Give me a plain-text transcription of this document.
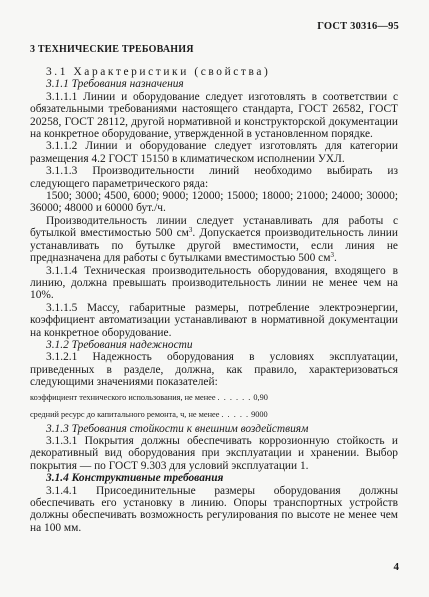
ГОСТ 30316—95
3 ТЕХНИЧЕСКИЕ ТРЕБОВАНИЯ

3.1 Характеристики (свойства)

3.1.1 Требования назначения

3.1.1.1 Линии и оборудование следует изготовлять в соответствии с обязательными требованиями настоящего стандарта, ГОСТ 26582, ГОСТ 20258, ГОСТ 28112, другой нормативной и конструкторской документации на конкретное оборудование, утвержденной в установленном порядке.

3.1.1.2 Линии и оборудование следует изготовлять для категории размещения 4.2 ГОСТ 15150 в климатическом исполнении УХЛ.

3.1.1.3 Производительности линий необходимо выбирать из следующего параметрического ряда:

1500; 3000; 4500, 6000; 9000; 12000; 15000; 18000; 21000; 24000; 30000; 36000; 48000 и 60000 бут./ч.

Производительность линии следует устанавливать для работы с бутылкой вместимостью 500 $см^3$. Допускается производительность линии устанавливать по бутылке другой вместимости, если линия не предназначена для работы с бутылками вместимостью 500 $см^3$.

3.1.1.4 Техническая производительность оборудования, входящего в линию, должна превышать производительность линии не менее чем на 10%.

3.1.1.5 Массу, габаритные размеры, потребление электроэнергии, коэффициент автоматизации устанавливают в нормативной документации на конкретное оборудование.

3.1.2 Требования надежности

3.1.2.1 Надежность оборудования в условиях эксплуатации, приведенных в разделе, должна, как правило, характеризоваться следующими значениями показателей:

коэффициент технического использования, не менее . . . . . . 0,90
средний ресурс до капитального ремонта, ч, не менее . . . . . 9000

3.1.3 Требования стойкости к внешним воздействиям

3.1.3.1 Покрытия должны обеспечивать коррозионную стойкость и декоративный вид оборудования при эксплуатации и хранении. Выбор покрытия — по ГОСТ 9.303 для условий эксплуатации 1.

3.1.4 Конструктивные требования

3.1.4.1 Присоединительные размеры оборудования должны обеспечивать его установку в линию. Опоры транспортных устройств должны обеспечивать возможность регулирования по высоте не менее чем на 100 мм.

4
